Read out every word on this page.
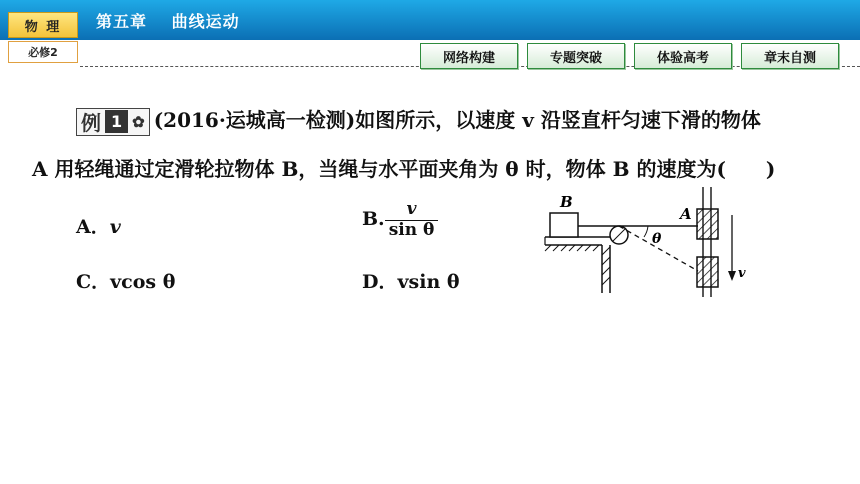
物 理	第五章 曲线运动
必修2	网络构建	专题突破	体验高考	章末自测
例 1 ✿ (2016·运城高一检测)如图所示，以速度 v 沿竖直杆匀速下滑的物体
A 用轻绳通过定滑轮拉物体 B，当绳与水平面夹角为 θ 时，物体 B 的速度为(　　)
A．v	B. $\frac{v}{\text{sin θ}}$
C．vcos θ	D．vsin θ
B
θ
A
v
